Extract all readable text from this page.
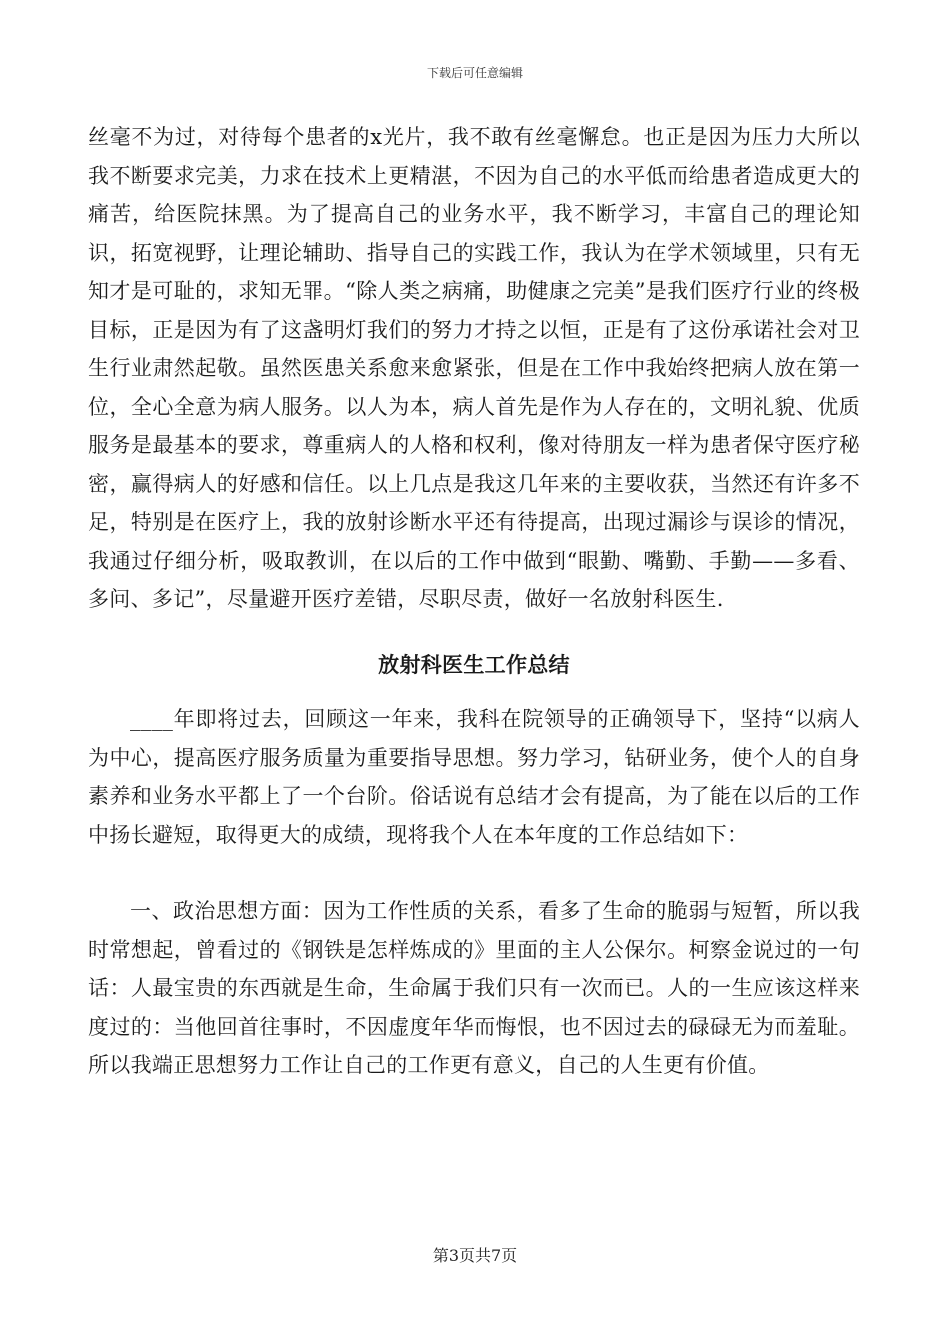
下载后可任意编辑

丝毫不为过，对待每个患者的x光片，我不敢有丝毫懈怠。也正是因为压力大所以我不断要求完美，力求在技术上更精湛，不因为自己的水平低而给患者造成更大的痛苦，给医院抹黑。为了提高自己的业务水平，我不断学习，丰富自己的理论知识，拓宽视野，让理论辅助、指导自己的实践工作，我认为在学术领域里，只有无知才是可耻的，求知无罪。“除人类之病痛，助健康之完美”是我们医疗行业的终极目标，正是因为有了这盏明灯我们的努力才持之以恒，正是有了这份承诺社会对卫生行业肃然起敬。虽然医患关系愈来愈紧张，但是在工作中我始终把病人放在第一位，全心全意为病人服务。以人为本，病人首先是作为人存在的，文明礼貌、优质服务是最基本的要求，尊重病人的人格和权利，像对待朋友一样为患者保守医疗秘密，赢得病人的好感和信任。以上几点是我这几年来的主要收获，当然还有许多不足，特别是在医疗上，我的放射诊断水平还有待提高，出现过漏诊与误诊的情况，我通过仔细分析，吸取教训，在以后的工作中做到“眼勤、嘴勤、手勤——多看、多问、多记”，尽量避开医疗差错，尽职尽责，做好一名放射科医生.

放射科医生工作总结

____年即将过去，回顾这一年来，我科在院领导的正确领导下，坚持“以病人为中心，提高医疗服务质量为重要指导思想。努力学习，钻研业务，使个人的自身素养和业务水平都上了一个台阶。俗话说有总结才会有提高，为了能在以后的工作中扬长避短，取得更大的成绩，现将我个人在本年度的工作总结如下：

一、政治思想方面：因为工作性质的关系，看多了生命的脆弱与短暂，所以我时常想起，曾看过的《钢铁是怎样炼成的》里面的主人公保尔。柯察金说过的一句话：人最宝贵的东西就是生命，生命属于我们只有一次而已。人的一生应该这样来度过的：当他回首往事时，不因虚度年华而悔恨，也不因过去的碌碌无为而羞耻。所以我端正思想努力工作让自己的工作更有意义，自己的人生更有价值。

第3页共7页
